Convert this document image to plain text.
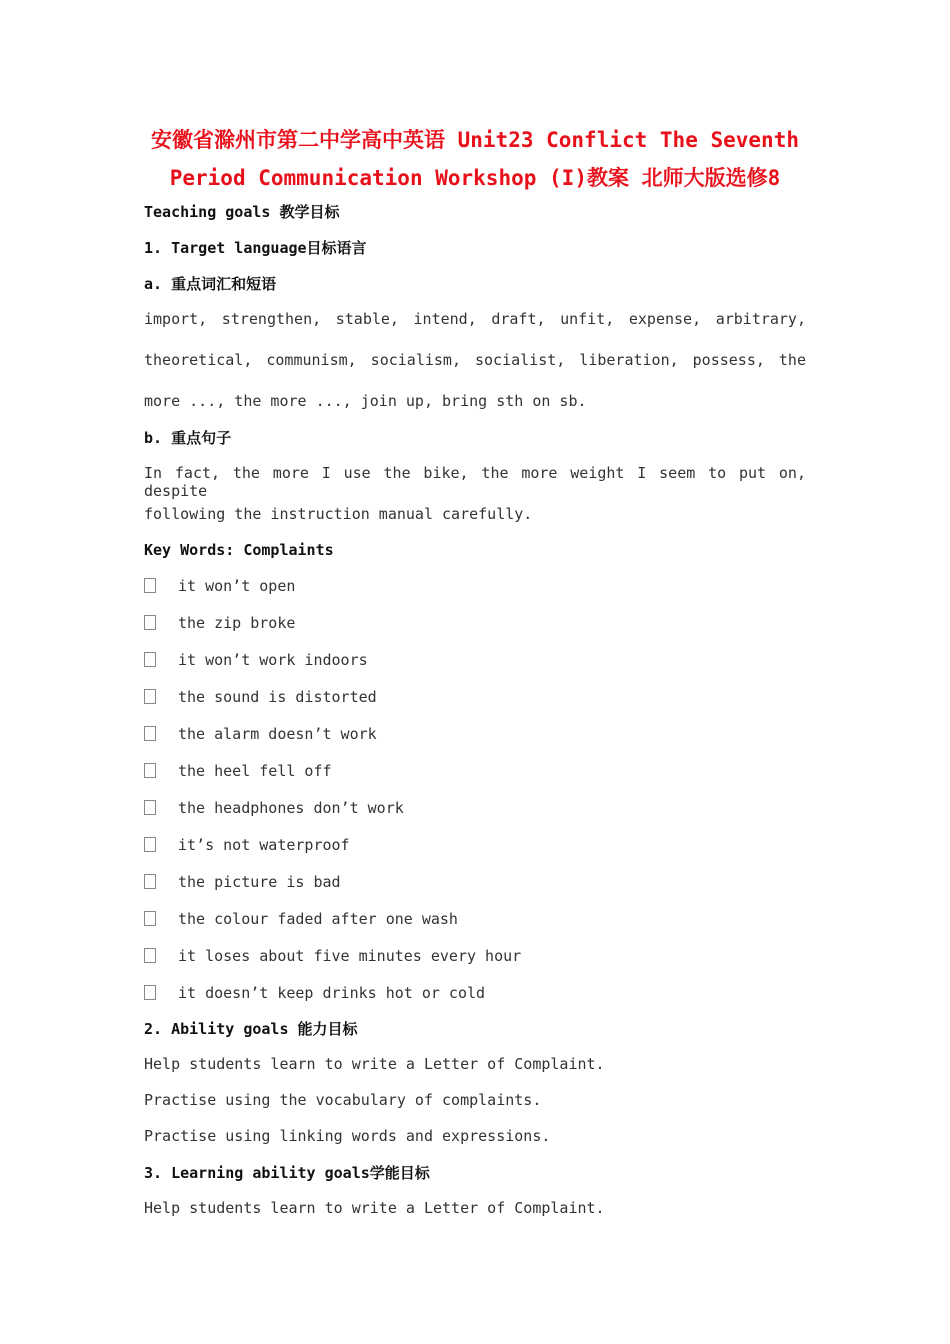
安徽省滁州市第二中学高中英语 Unit23 Conflict The Seventh
Period Communication Workshop (I)教案 北师大版选修8

Teaching goals 教学目标

1. Target language目标语言

a. 重点词汇和短语

import, strengthen, stable, intend, draft, unfit, expense, arbitrary,

theoretical, communism, socialism, socialist, liberation, possess, the

more ..., the more ..., join up, bring sth on sb.

b. 重点句子

In fact, the more I use the bike, the more weight I seem to put on, despite

following the instruction manual carefully.

Key Words: Complaints

it won’t open
the zip broke
it won’t work indoors
the sound is distorted
the alarm doesn’t work
the heel fell off
the headphones don’t work
it’s not waterproof
the picture is bad
the colour faded after one wash
it loses about five minutes every hour
it doesn’t keep drinks hot or cold

2. Ability goals 能力目标

Help students learn to write a Letter of Complaint.

Practise using the vocabulary of complaints.

Practise using linking words and expressions.

3. Learning ability goals学能目标

Help students learn to write a Letter of Complaint.
